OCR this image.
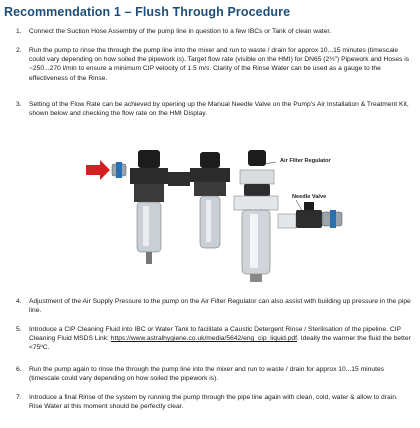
Recommendation 1 – Flush Through Procedure
1. Connect the Suction Hose Assembly of the pump line in question to a few IBCs or Tank of clean water.
2. Run the pump to rinse the through the pump line into the mixer and run to waste / drain for approx 10...15 minutes (timescale could vary depending on how soiled the pipework is). Target flow rate (visible on the HMI) for DN65 (2½”) Pipework and Hoses is ~250...270 l/min to ensure a minimum CIP velocity of 1.5 m/s. Clarity of the Rinse Water can be used as a gauge to the effectiveness of the Rinse.
3. Setting of the Flow Rate can be achieved by opening up the Manual Needle Valve on the Pump’s Air Installation & Treatment Kit, shown below and checking the flow rate on the HMI Display.
Air Filter Regulator
Needle Valve
4. Adjustment of the Air Supply Pressure to the pump on the Air Filter Regulator can also assist with building up pressure in the pipe line.
5. Introduce a CIP Cleaning Fluid into IBC or Water Tank to facilitate a Caustic Detergent Rinse / Sterilisation of the pipeline. CIP Cleaning Fluid MSDS Link: https://www.astralhygiene.co.uk/media/5642/eng_cip_liquid.pdf. Ideally the warmer the fluid the better <75ºC.
6. Run the pump again to rinse the through the pump line into the mixer and run to waste / drain for approx 10...15 minutes (timescale could vary depending on how soiled the pipework is).
7. Introduce a final Rinse of the system by running the pump through the pipe line again with clean, cold, water & allow to drain. Rise Water at this moment should be perfectly clear.
